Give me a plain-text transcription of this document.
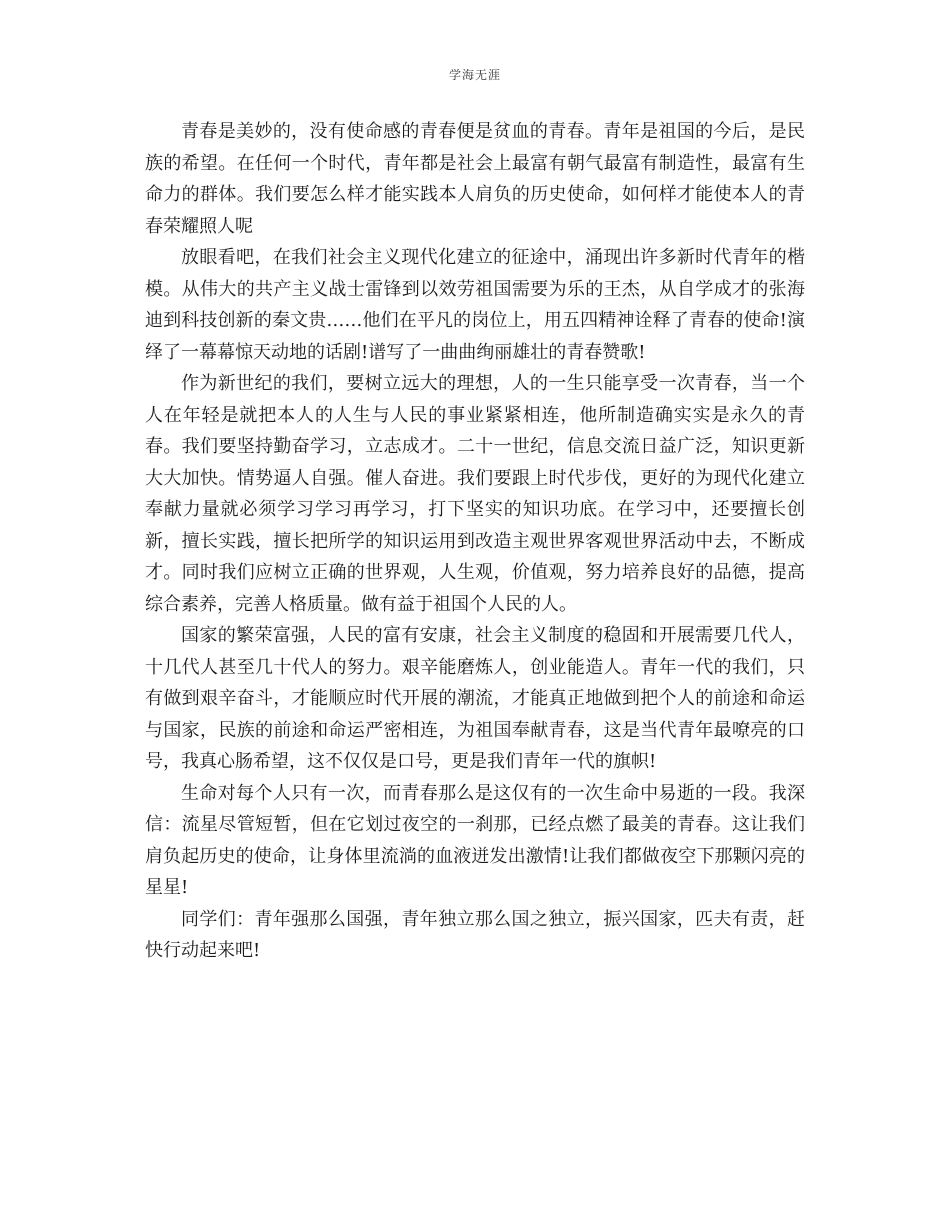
学海无涯

青春是美妙的，没有使命感的青春便是贫血的青春。青年是祖国的今后，是民族的希望。在任何一个时代，青年都是社会上最富有朝气最富有制造性，最富有生命力的群体。我们要怎么样才能实践本人肩负的历史使命，如何样才能使本人的青春荣耀照人呢

放眼看吧，在我们社会主义现代化建立的征途中，涌现出许多新时代青年的楷模。从伟大的共产主义战士雷锋到以效劳祖国需要为乐的王杰，从自学成才的张海迪到科技创新的秦文贵……他们在平凡的岗位上，用五四精神诠释了青春的使命!演绎了一幕幕惊天动地的话剧!谱写了一曲曲绚丽雄壮的青春赞歌!

作为新世纪的我们，要树立远大的理想，人的一生只能享受一次青春，当一个人在年轻是就把本人的人生与人民的事业紧紧相连，他所制造确实实是永久的青春。我们要坚持勤奋学习，立志成才。二十一世纪，信息交流日益广泛，知识更新大大加快。情势逼人自强。催人奋进。我们要跟上时代步伐，更好的为现代化建立奉献力量就必须学习学习再学习，打下坚实的知识功底。在学习中，还要擅长创新，擅长实践，擅长把所学的知识运用到改造主观世界客观世界活动中去，不断成才。同时我们应树立正确的世界观，人生观，价值观，努力培养良好的品德，提高综合素养，完善人格质量。做有益于祖国个人民的人。

国家的繁荣富强，人民的富有安康，社会主义制度的稳固和开展需要几代人，十几代人甚至几十代人的努力。艰辛能磨炼人，创业能造人。青年一代的我们，只有做到艰辛奋斗，才能顺应时代开展的潮流，才能真正地做到把个人的前途和命运与国家，民族的前途和命运严密相连，为祖国奉献青春，这是当代青年最嘹亮的口号，我真心肠希望，这不仅仅是口号，更是我们青年一代的旗帜!

生命对每个人只有一次，而青春那么是这仅有的一次生命中易逝的一段。我深信：流星尽管短暂，但在它划过夜空的一刹那，已经点燃了最美的青春。这让我们肩负起历史的使命，让身体里流淌的血液迸发出激情!让我们都做夜空下那颗闪亮的星星!

同学们：青年强那么国强，青年独立那么国之独立，振兴国家，匹夫有责，赶快行动起来吧!
